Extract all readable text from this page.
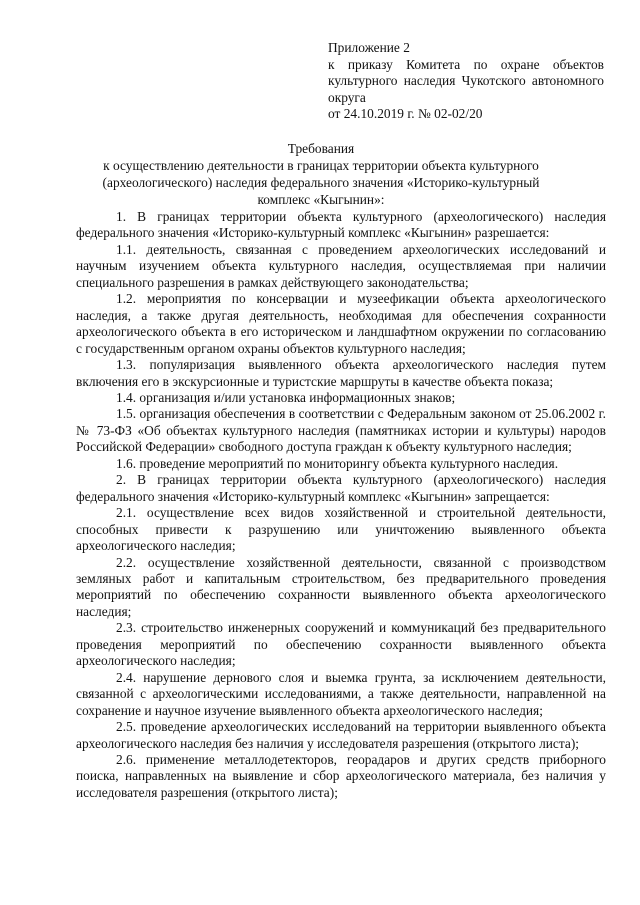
Приложение 2
к приказу Комитета по охране объектов культурного наследия Чукотского автономного округа
от 24.10.2019 г. № 02-02/20
Требования
к осуществлению деятельности в границах территории объекта культурного (археологического) наследия федерального значения «Историко-культурный комплекс «Кыгынин»:

1. В границах территории объекта культурного (археологического) наследия федерального значения «Историко-культурный комплекс «Кыгынин» разрешается:

1.1. деятельность, связанная с проведением археологических исследований и научным изучением объекта культурного наследия, осуществляемая при наличии специального разрешения в рамках действующего законодательства;

1.2. мероприятия по консервации и музеефикации объекта археологического наследия, а также другая деятельность, необходимая для обеспечения сохранности археологического объекта в его историческом и ландшафтном окружении по согласованию с государственным органом охраны объектов культурного наследия;

1.3. популяризация выявленного объекта археологического наследия путем включения его в экскурсионные и туристские маршруты в качестве объекта показа;

1.4. организация и/или установка информационных знаков;

1.5. организация обеспечения в соответствии с Федеральным законом от 25.06.2002 г. № 73-ФЗ «Об объектах культурного наследия (памятниках истории и культуры) народов Российской Федерации» свободного доступа граждан к объекту культурного наследия;

1.6. проведение мероприятий по мониторингу объекта культурного наследия.

2. В границах территории объекта культурного (археологического) наследия федерального значения «Историко-культурный комплекс «Кыгынин» запрещается:

2.1. осуществление всех видов хозяйственной и строительной деятельности, способных привести к разрушению или уничтожению выявленного объекта археологического наследия;

2.2. осуществление хозяйственной деятельности, связанной с производством земляных работ и капитальным строительством, без предварительного проведения мероприятий по обеспечению сохранности выявленного объекта археологического наследия;

2.3. строительство инженерных сооружений и коммуникаций без предварительного проведения мероприятий по обеспечению сохранности выявленного объекта археологического наследия;

2.4. нарушение дернового слоя и выемка грунта, за исключением деятельности, связанной с археологическими исследованиями, а также деятельности, направленной на сохранение и научное изучение выявленного объекта археологического наследия;

2.5. проведение археологических исследований на территории выявленного объекта археологического наследия без наличия у исследователя разрешения (открытого листа);

2.6. применение металлодетекторов, георадаров и других средств приборного поиска, направленных на выявление и сбор археологического материала, без наличия у исследователя разрешения (открытого листа);
